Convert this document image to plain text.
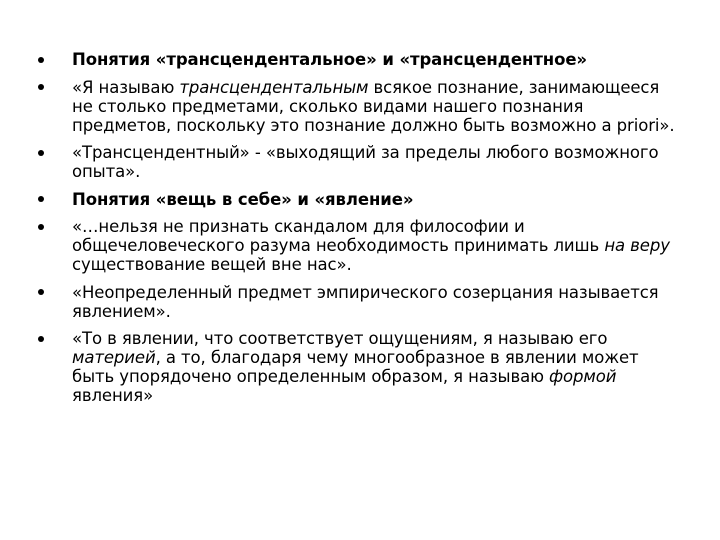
Понятия «трансцендентальное» и «трансцендентное»
«Я называю трансцендентальным всякое познание, занимающееся не столько предметами, сколько видами нашего познания предметов, поскольку это познание должно быть возможно a priori».
«Трансцендентный» - «выходящий за пределы любого возможного опыта».
Понятия «вещь в себе» и «явление»
«…нельзя не признать скандалом для философии и общечеловеческого разума необходимость принимать лишь на веру существование вещей вне нас».
«Неопределенный предмет эмпирического созерцания называется явлением».
«То в явлении, что соответствует ощущениям, я называю его материей, а то, благодаря чему многообразное в явлении может быть упорядочено определенным образом, я называю формой явления»
